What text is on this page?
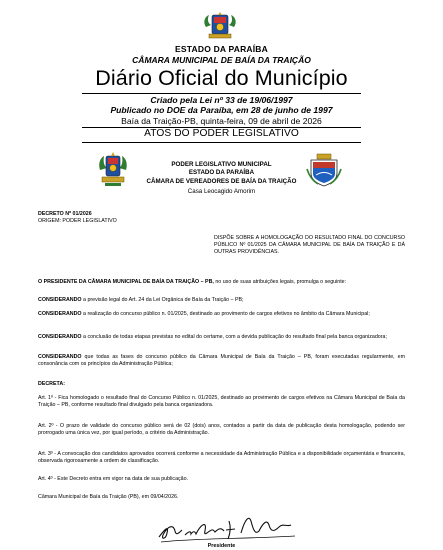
ESTADO DA PARAÍBA
CÂMARA MUNICIPAL DE BAÍA DA TRAIÇÃO
Diário Oficial do Município
Criado pela Lei nº 33 de 19/06/1997
Publicado no DOE da Paraíba, em 28 de junho de 1997
Baía da Traição-PB, quinta-feira, 09 de abril de 2026
ATOS DO PODER LEGISLATIVO
PODER LEGISLATIVO MUNICIPAL
ESTADO DA PARAÍBA
CÂMARA DE VEREADORES DE BAÍA DA TRAIÇÃO
Casa Leocagido Amorim
DECRETO Nº 01/2026
ORIGEM: PODER LEGISLATIVO
DISPÕE SOBRE A HOMOLOGAÇÃO DO RESULTADO FINAL DO CONCURSO PÚBLICO Nº 01/2025 DA CÂMARA MUNICIPAL DE BAÍA DA TRAIÇÃO E DÁ OUTRAS PROVIDÊNCIAS.
O PRESIDENTE DA CÂMARA MUNICIPAL DE BAÍA DA TRAIÇÃO – PB, no uso de suas atribuições legais, promulga o seguinte:
CONSIDERANDO a previsão legal do Art. 24 da Lei Orgânica de Baía da Traição – PB;
CONSIDERANDO a realização do concurso público n. 01/2025, destinado ao provimento de cargos efetivos no âmbito da Câmara Municipal;
CONSIDERANDO a conclusão de todas etapas previstas no edital do certame, com a devida publicação do resultado final pela banca organizadora;
CONSIDERANDO que todas as fases do concurso público da Câmara Municipal de Baía da Traição – PB, foram executadas regularmente, em consonância com os princípios da Administração Pública;
DECRETA:
Art. 1º - Fica homologado o resultado final do Concurso Público n. 01/2025, destinado ao provimento de cargos efetivos na Câmara Municipal de Baía da Traição – PB, conforme resultado final divulgado pela banca organizadora.
Art. 2º - O prazo de validade do concurso público será de 02 (dois) anos, contados a partir da data de publicação desta homologação, podendo ser prorrogado uma única vez, por igual período, a critério da Administração.
Art. 3º - A convocação dos candidatos aprovados ocorrerá conforme a necessidade da Administração Pública e a disponibilidade orçamentária e financeira, observada rigorosamente a ordem de classificação.
Art. 4º - Este Decreto entra em vigor na data de sua publicação.
Câmara Municipal de Baía da Traição (PB), em 09/04/2026.
Presidente
